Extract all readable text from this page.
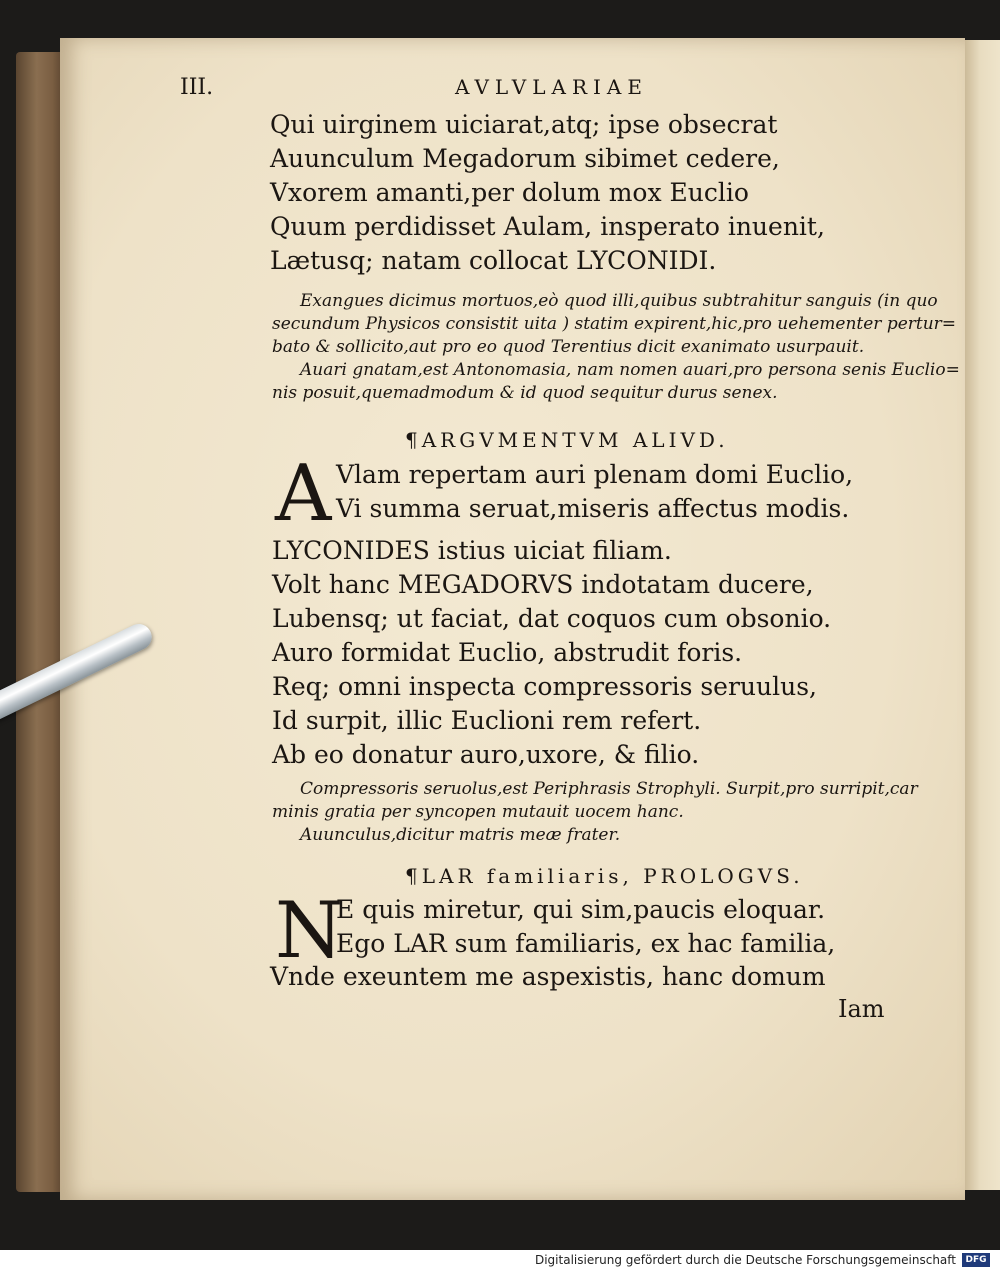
III.	AVLVLARIAE
Qui uirginem uiciarat,atq; ipse obsecrat
Auunculum Megadorum sibimet cedere,
Vxorem amanti,per dolum mox Euclio
Quum perdidisset Aulam, insperato inuenit,
Lætusq; natam collocat LYCONIDI.
Exangues dicimus mortuos,eò quod illi,quibus subtrahitur sanguis (in quo
secundum Physicos consistit uita ) statim expirent,hic,pro uehementer pertur=
bato & sollicito,aut pro eo quod Terentius dicit exanimato usurpauit.
Auari gnatam,est Antonomasia, nam nomen auari,pro persona senis Euclio=
nis posuit,quemadmodum & id quod sequitur durus senex.
¶ARGVMENTVM ALIVD.
A Vlam repertam auri plenam domi Euclio,
Vi summa seruat,miseris affectus modis.
LYCONIDES istius uiciat filiam.
Volt hanc MEGADORVS indotatam ducere,
Lubensq; ut faciat, dat coquos cum obsonio.
Auro formidat Euclio, abstrudit foris.
Req; omni inspecta compressoris seruulus,
Id surpit, illic Euclioni rem refert.
Ab eo donatur auro,uxore, & filio.
Compressoris seruolus,est Periphrasis Strophyli. Surpit,pro surripit,car
minis gratia per syncopen mutauit uocem hanc.
Auunculus,dicitur matris meæ frater.
¶LAR familiaris, PROLOGVS.
N
E quis miretur, qui sim,paucis eloquar.
Ego LAR sum familiaris, ex hac familia,
Vnde exeuntem me aspexistis, hanc domum
Iam
Digitalisierung gefördert durch die Deutsche Forschungsgemeinschaft	DFG
